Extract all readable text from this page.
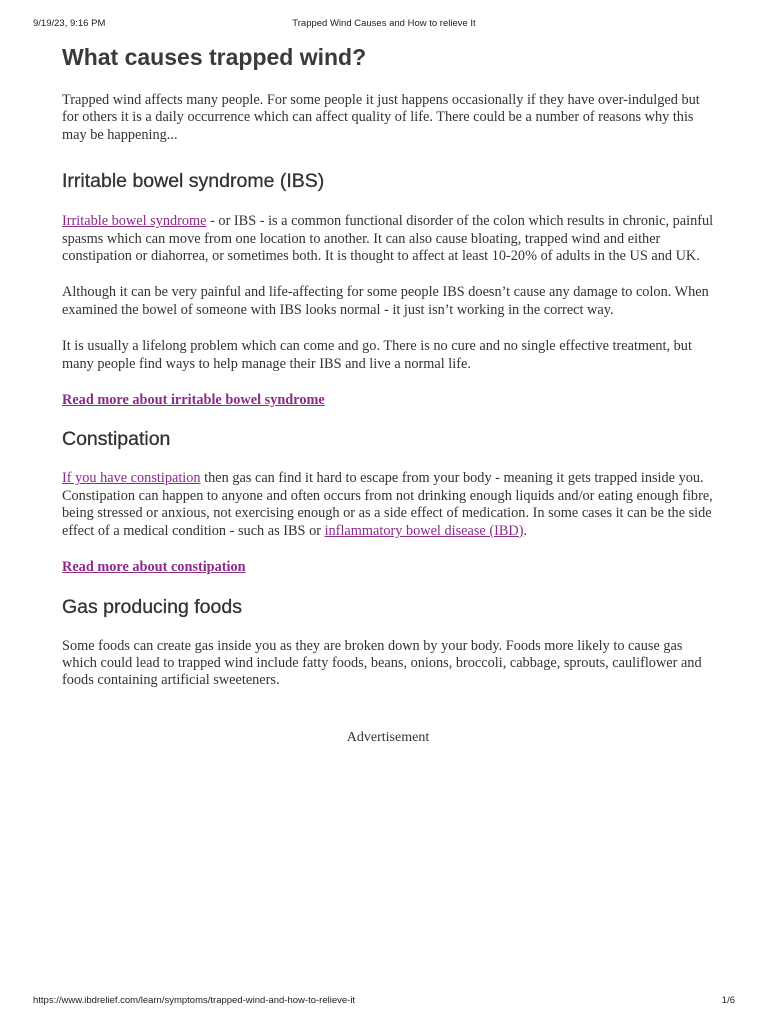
9/19/23, 9:16 PM	Trapped Wind Causes and How to relieve It
What causes trapped wind?

Trapped wind affects many people. For some people it just happens occasionally if they have over-indulged but for others it is a daily occurrence which can affect quality of life. There could be a number of reasons why this may be happening...

Irritable bowel syndrome (IBS)

Irritable bowel syndrome - or IBS - is a common functional disorder of the colon which results in chronic, painful spasms which can move from one location to another. It can also cause bloating, trapped wind and either constipation or diahorrea, or sometimes both. It is thought to affect at least 10-20% of adults in the US and UK.

Although it can be very painful and life-affecting for some people IBS doesn’t cause any damage to colon. When examined the bowel of someone with IBS looks normal - it just isn’t working in the correct way.

It is usually a lifelong problem which can come and go. There is no cure and no single effective treatment, but many people find ways to help manage their IBS and live a normal life.

Read more about irritable bowel syndrome

Constipation

If you have constipation then gas can find it hard to escape from your body - meaning it gets trapped inside you. Constipation can happen to anyone and often occurs from not drinking enough liquids and/or eating enough fibre, being stressed or anxious, not exercising enough or as a side effect of medication. In some cases it can be the side effect of a medical condition - such as IBS or inflammatory bowel disease (IBD).

Read more about constipation

Gas producing foods

Some foods can create gas inside you as they are broken down by your body. Foods more likely to cause gas which could lead to trapped wind include fatty foods, beans, onions, broccoli, cabbage, sprouts, cauliflower and foods containing artificial sweeteners.

Advertisement
https://www.ibdrelief.com/learn/symptoms/trapped-wind-and-how-to-relieve-it	1/6
